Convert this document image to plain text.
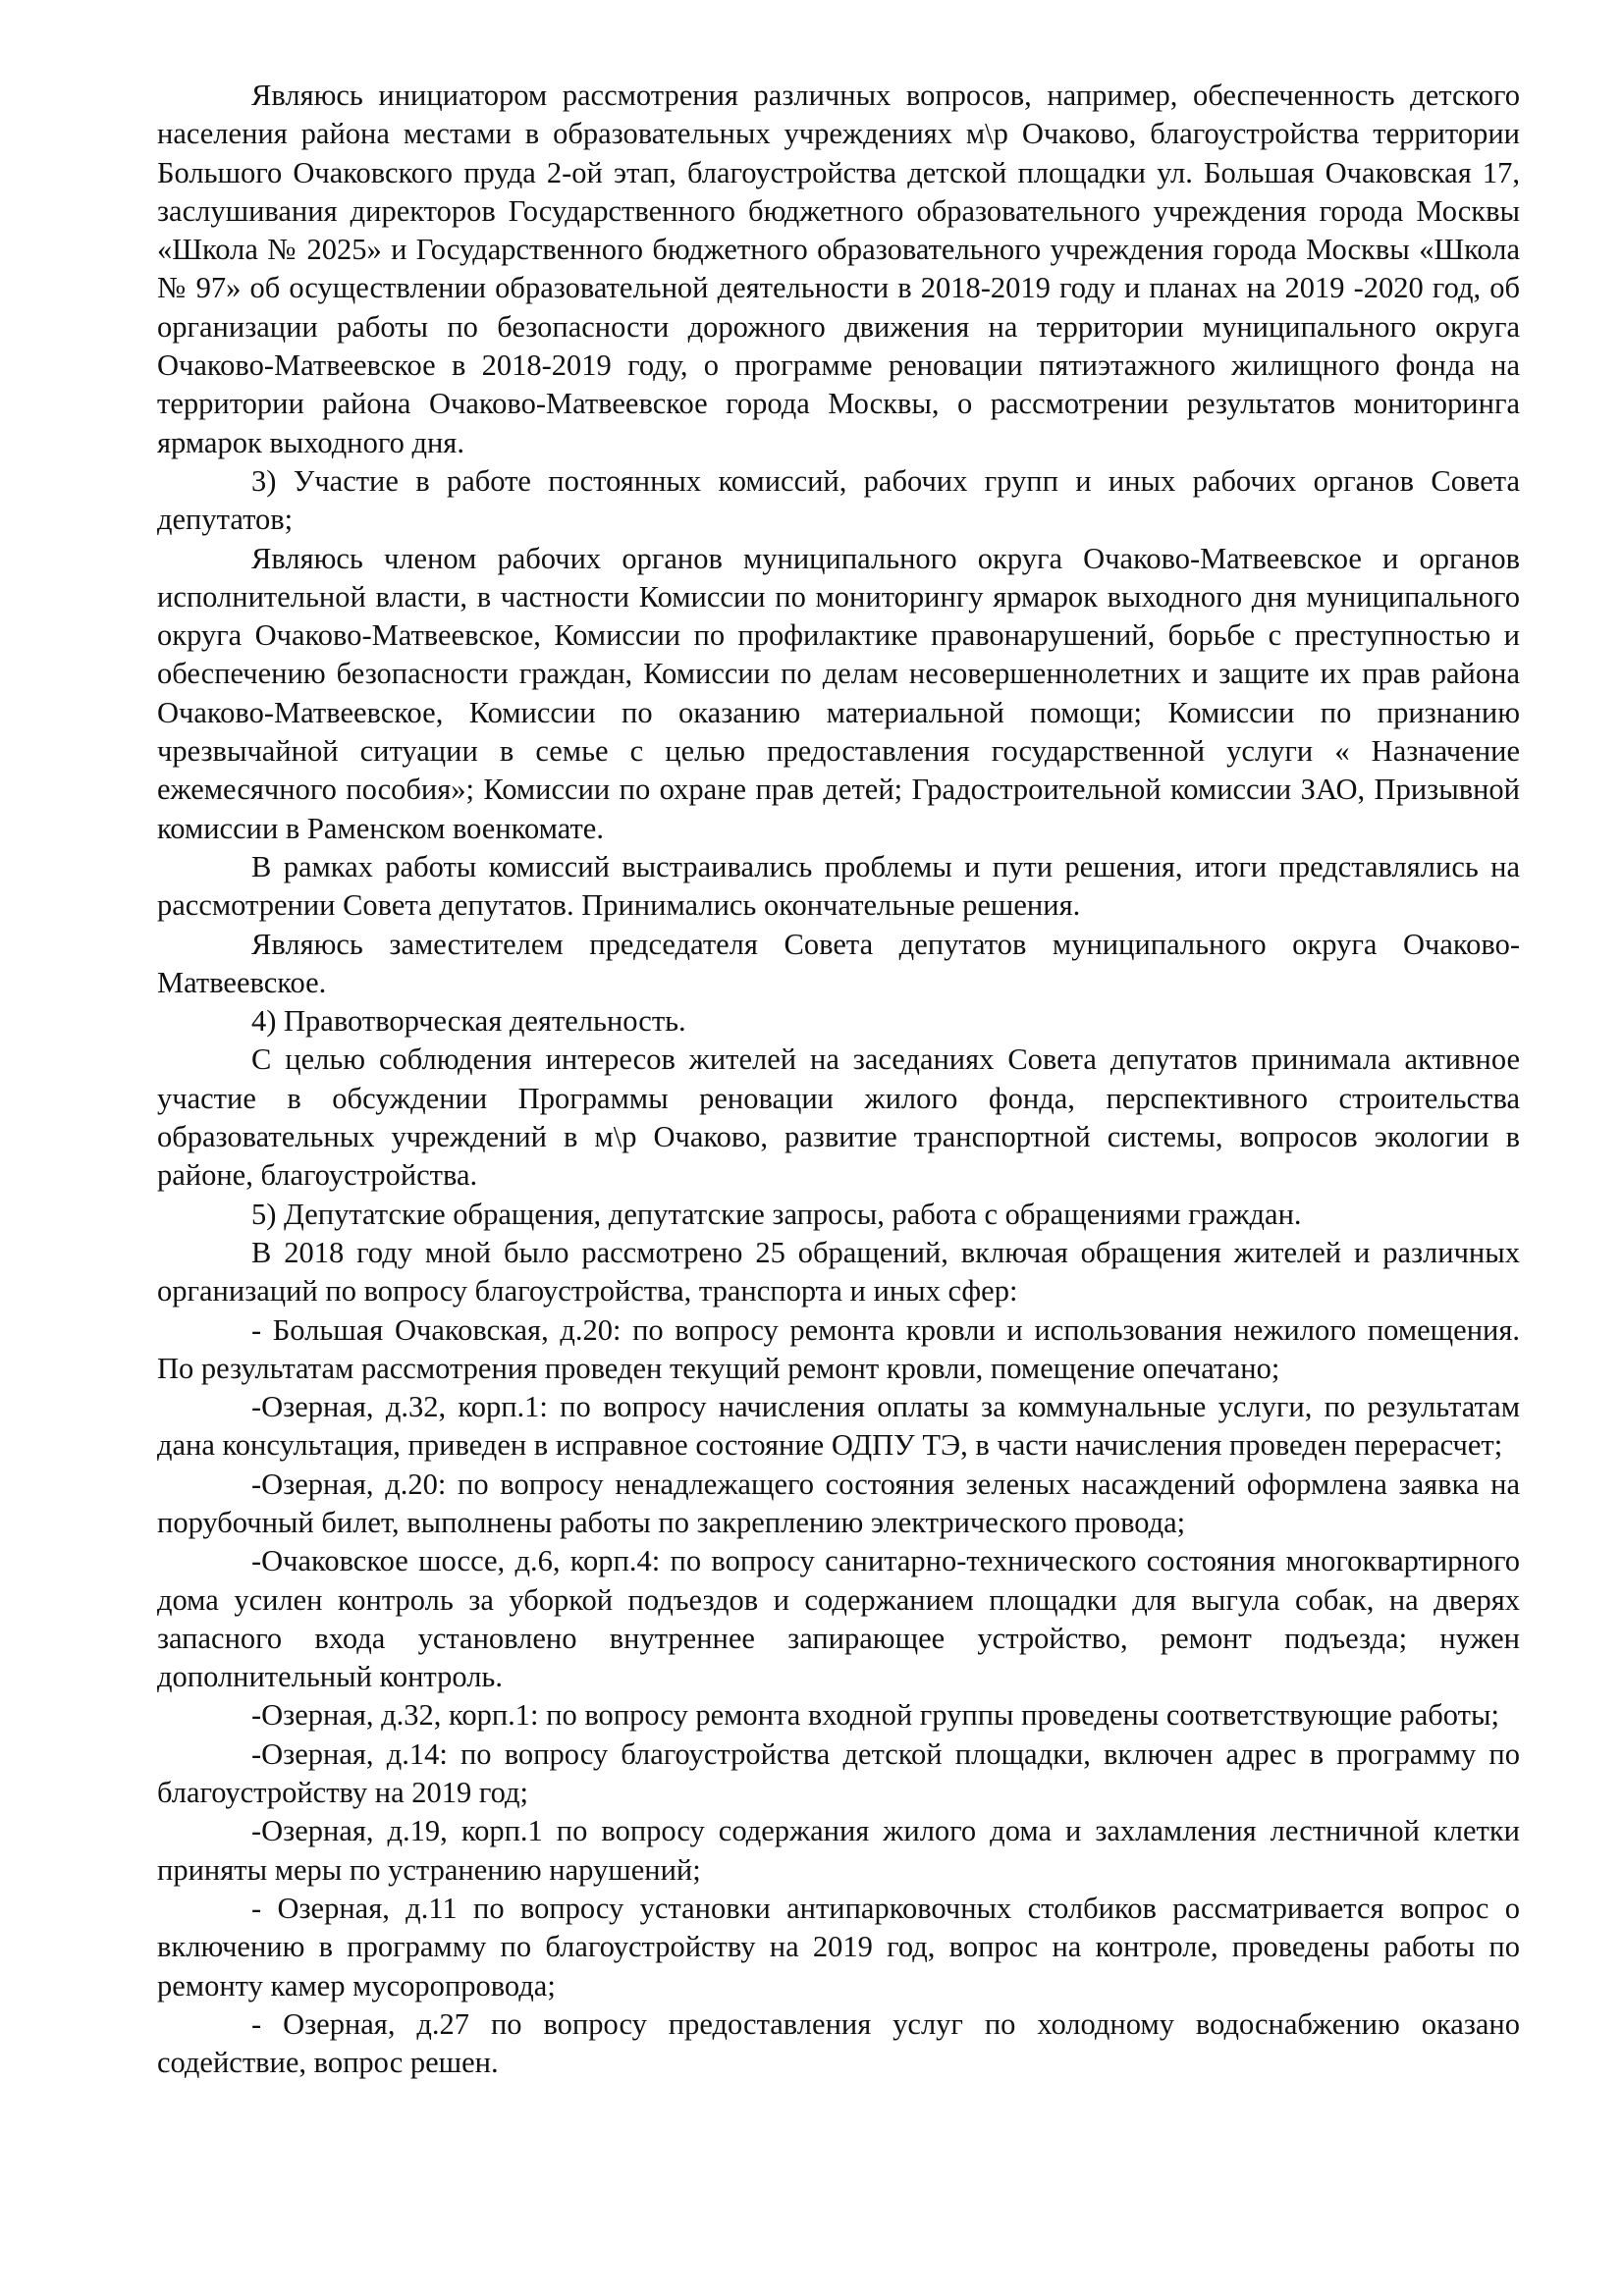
Являюсь инициатором рассмотрения различных вопросов, например, обеспеченность детского населения района местами в образовательных учреждениях м\р Очаково, благоустройства территории Большого Очаковского пруда 2-ой этап, благоустройства детской площадки ул. Большая Очаковская 17, заслушивания директоров Государственного бюджетного образовательного учреждения города Москвы «Школа № 2025» и Государственного бюджетного образовательного учреждения города Москвы «Школа № 97» об осуществлении образовательной деятельности в 2018-2019 году и планах на 2019 -2020 год, об организации работы по безопасности дорожного движения на территории муниципального округа Очаково-Матвеевское в 2018-2019 году, о программе реновации пятиэтажного жилищного фонда на территории района Очаково-Матвеевское города Москвы, о рассмотрении результатов мониторинга ярмарок выходного дня.

3) Участие в работе постоянных комиссий, рабочих групп и иных рабочих органов Совета депутатов;

Являюсь членом рабочих органов муниципального округа Очаково-Матвеевское и органов исполнительной власти, в частности Комиссии по мониторингу ярмарок выходного дня муниципального округа Очаково-Матвеевское, Комиссии по профилактике правонарушений, борьбе с преступностью и обеспечению безопасности граждан, Комиссии по делам несовершеннолетних и защите их прав района Очаково-Матвеевское, Комиссии по оказанию материальной помощи; Комиссии по признанию чрезвычайной ситуации в семье с целью предоставления государственной услуги « Назначение ежемесячного пособия»; Комиссии по охране прав детей; Градостроительной комиссии ЗАО, Призывной комиссии в Раменском военкомате.

В рамках работы комиссий выстраивались проблемы и пути решения, итоги представлялись на рассмотрении Совета депутатов. Принимались окончательные решения.

Являюсь заместителем председателя Совета депутатов муниципального округа Очаково-Матвеевское.

4) Правотворческая деятельность.

С целью соблюдения интересов жителей на заседаниях Совета депутатов принимала активное участие в обсуждении Программы реновации жилого фонда, перспективного строительства образовательных учреждений в м\р Очаково, развитие транспортной системы, вопросов экологии в районе, благоустройства.

5) Депутатские обращения, депутатские запросы, работа с обращениями граждан.

В 2018 году мной было рассмотрено 25 обращений, включая обращения жителей и различных организаций по вопросу благоустройства, транспорта и иных сфер:

- Большая Очаковская, д.20: по вопросу ремонта кровли и использования нежилого помещения. По результатам рассмотрения проведен текущий ремонт кровли, помещение опечатано;

-Озерная, д.32, корп.1: по вопросу начисления оплаты за коммунальные услуги, по результатам дана консультация, приведен в исправное состояние ОДПУ ТЭ, в части начисления проведен перерасчет;

-Озерная, д.20: по вопросу ненадлежащего состояния зеленых насаждений оформлена заявка на порубочный билет, выполнены работы по закреплению электрического провода;

-Очаковское шоссе, д.6, корп.4: по вопросу санитарно-технического состояния многоквартирного дома усилен контроль за уборкой подъездов и содержанием площадки для выгула собак, на дверях запасного входа установлено внутреннее запирающее устройство, ремонт подъезда; нужен дополнительный контроль.

-Озерная, д.32, корп.1: по вопросу ремонта входной группы проведены соответствующие работы;

-Озерная, д.14: по вопросу благоустройства детской площадки, включен адрес в программу по благоустройству на 2019 год;

-Озерная, д.19, корп.1 по вопросу содержания жилого дома и захламления лестничной клетки приняты меры по устранению нарушений;

- Озерная, д.11 по вопросу установки антипарковочных столбиков рассматривается вопрос о включению в программу по благоустройству на 2019 год, вопрос на контроле, проведены работы по ремонту камер мусоропровода;

- Озерная, д.27 по вопросу предоставления услуг по холодному водоснабжению оказано содействие, вопрос решен.
